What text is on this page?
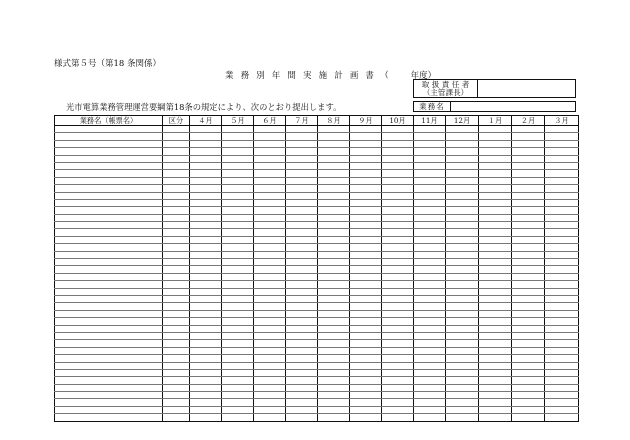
様式第５号（第18 条関係）
業 務 別 年 間 実 施 計 画 書 （	年度）
光市電算業務管理運営要綱第18条の規定により、次のとおり提出します。
取 扱 責 任 者
（主管課長）
業務名
業務名（帳票名）	区分	４月	５月	６月	７月	８月	９月	10月	11月	12月	１月	２月	３月
